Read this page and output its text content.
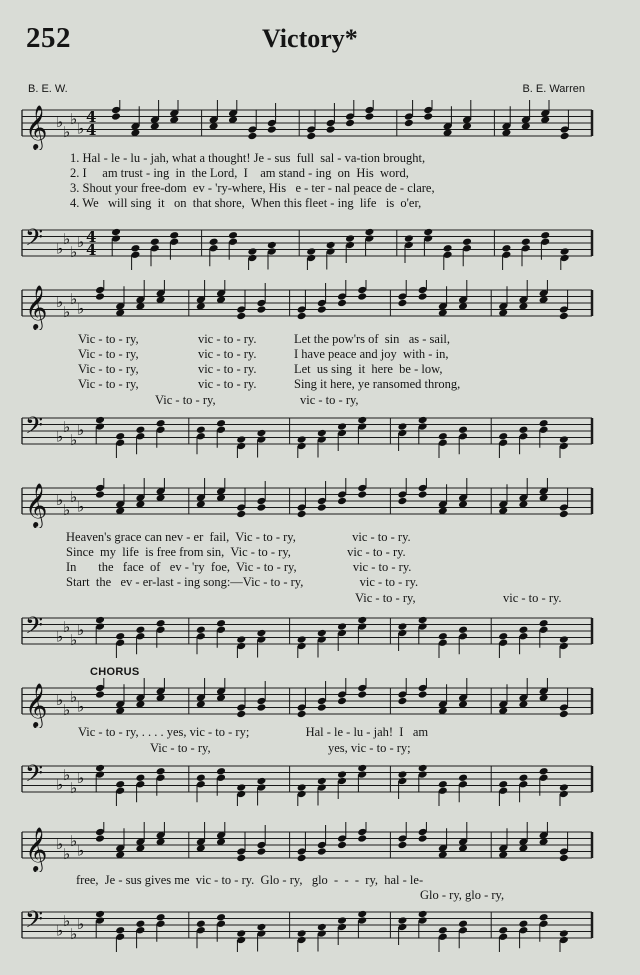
252	Victory*
B. E. W.	B. E. Warren
𝄞 ♭
♭
♭
♭
4
4
1. Hal - le - lu - jah, what a thought! Je - sus  full  sal - va-tion brought,
2. I     am trust - ing  in  the Lord,  I    am stand - ing  on  His  word,
3. Shout your free-dom  ev - 'ry-where, His   e - ter - nal peace de - clare,
4. We   will sing  it   on  that shore,  When this fleet - ing  life   is  o'er,
𝄢 ♭
♭
♭
♭ 4
4
𝄞 ♭
♭
♭
♭
Vic - to - ry,                   vic - to - ry.            Let the pow'rs of  sin   as - sail,
Vic - to - ry,                   vic - to - ry.            I have peace and joy  with - in,
Vic - to - ry,                   vic - to - ry.            Let  us sing  it  here  be - low,
Vic - to - ry,                   vic - to - ry.            Sing it here, ye ransomed throng,
Vic - to - ry,	vic - to - ry,
𝄢 ♭
♭
♭
♭
𝄞 ♭
♭
♭
♭
Heaven's grace can nev - er  fail,  Vic - to - ry,                  vic - to - ry.
Since  my  life  is free from sin,  Vic - to - ry,                  vic - to - ry.
In       the   face  of   ev - 'ry  foe,  Vic - to - ry,                  vic - to - ry.
Start  the   ev - er-last - ing song:—Vic - to - ry,                  vic - to - ry.
Vic - to - ry,	vic - to - ry.
𝄢 ♭
♭
♭
♭
CHORUS
𝄞 ♭
♭
♭
♭
Vic - to - ry, . . . . yes, vic - to - ry;                  Hal - le - lu - jah!  I   am
Vic - to - ry,	yes, vic - to - ry;
𝄢 ♭
♭
♭
♭
𝄞 ♭
♭
♭
♭
free,  Je - sus gives me  vic - to - ry.  Glo - ry,   glo  -  -  -  ry,  hal - le-
Glo - ry, glo - ry,
𝄢 ♭
♭
♭
♭
